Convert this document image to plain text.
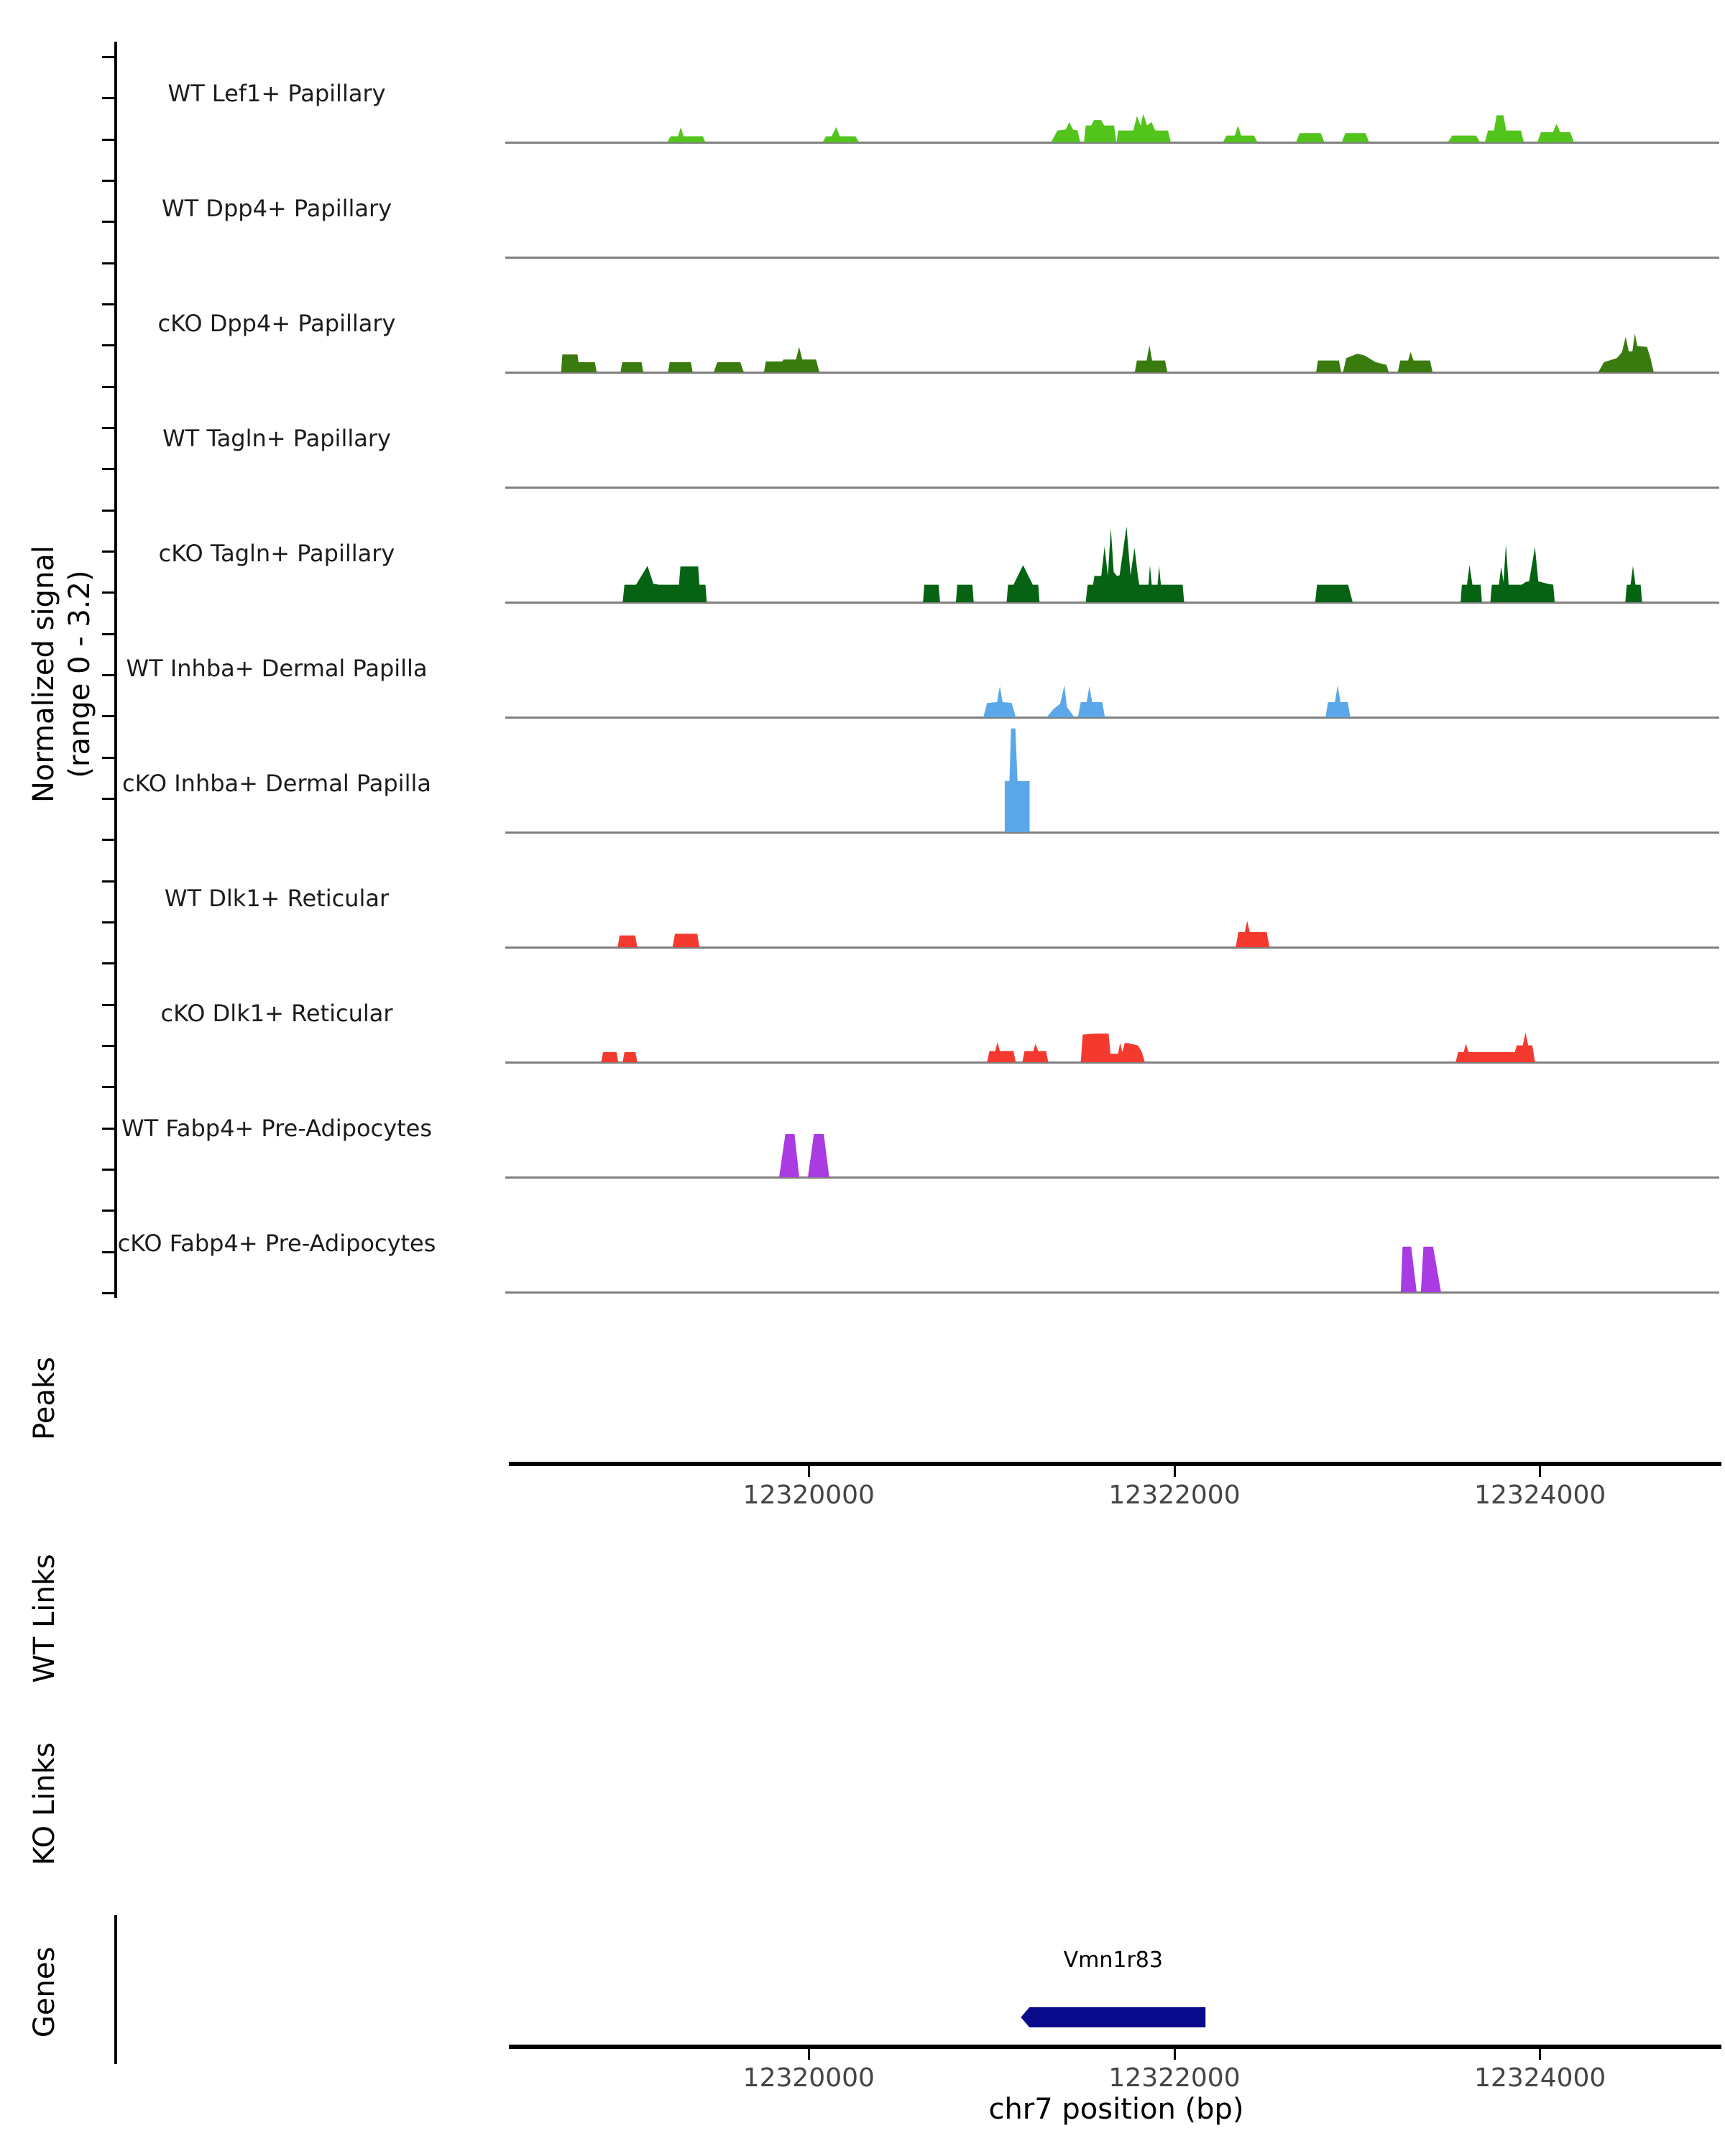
Normalized signal (range 0 - 3.2)
Peaks
WT Links
KO Links
Genes
WT Lef1+ Papillary
WT Dpp4+ Papillary
cKO Dpp4+ Papillary
WT Tagln+ Papillary
cKO Tagln+ Papillary
WT Inhba+ Dermal Papilla
cKO Inhba+ Dermal Papilla
WT Dlk1+ Reticular
cKO Dlk1+ Reticular
WT Fabp4+ Pre-Adipocytes
cKO Fabp4+ Pre-Adipocytes
12320000	12322000	12324000
Vmn1r83
12320000	12322000	12324000
chr7 position (bp)
